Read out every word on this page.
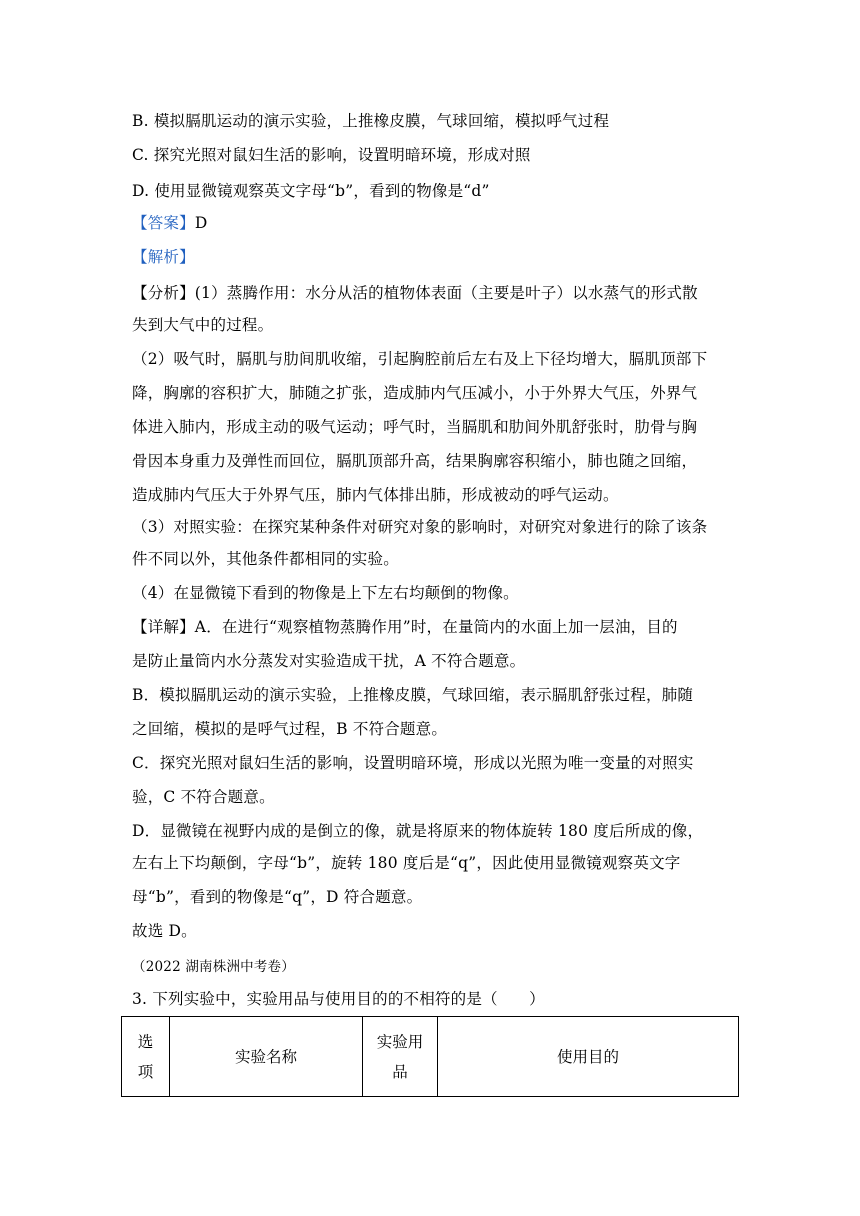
B. 模拟膈肌运动的演示实验，上推橡皮膜，气球回缩，模拟呼气过程
C. 探究光照对鼠妇生活的影响，设置明暗环境，形成对照
D. 使用显微镜观察英文字母“b”，看到的物像是“d”
【答案】D
【解析】
【分析】(1）蒸腾作用：水分从活的植物体表面（主要是叶子）以水蒸气的形式散
失到大气中的过程。
（2）吸气时，膈肌与肋间肌收缩，引起胸腔前后左右及上下径均增大，膈肌顶部下
降，胸廓的容积扩大，肺随之扩张，造成肺内气压减小，小于外界大气压，外界气
体进入肺内，形成主动的吸气运动；呼气时，当膈肌和肋间外肌舒张时，肋骨与胸
骨因本身重力及弹性而回位，膈肌顶部升高，结果胸廓容积缩小，肺也随之回缩，
造成肺内气压大于外界气压，肺内气体排出肺，形成被动的呼气运动。
（3）对照实验：在探究某种条件对研究对象的影响时，对研究对象进行的除了该条
件不同以外，其他条件都相同的实验。
（4）在显微镜下看到的物像是上下左右均颠倒的物像。
【详解】A．在进行“观察植物蒸腾作用”时，在量筒内的水面上加一层油，目的
是防止量筒内水分蒸发对实验造成干扰，A 不符合题意。
B．模拟膈肌运动的演示实验，上推橡皮膜，气球回缩，表示膈肌舒张过程，肺随
之回缩，模拟的是呼气过程，B 不符合题意。
C．探究光照对鼠妇生活的影响，设置明暗环境，形成以光照为唯一变量的对照实
验，C 不符合题意。
D．显微镜在视野内成的是倒立的像，就是将原来的物体旋转 180 度后所成的像，
左右上下均颠倒，字母“b”，旋转 180 度后是“q”，因此使用显微镜观察英文字
母“b”，看到的物像是“q”，D 符合题意。
故选 D。
（2022 湖南株洲中考卷）
3. 下列实验中，实验用品与使用目的的不相符的是（　　）
选项	实验名称	实验用品	使用目的
